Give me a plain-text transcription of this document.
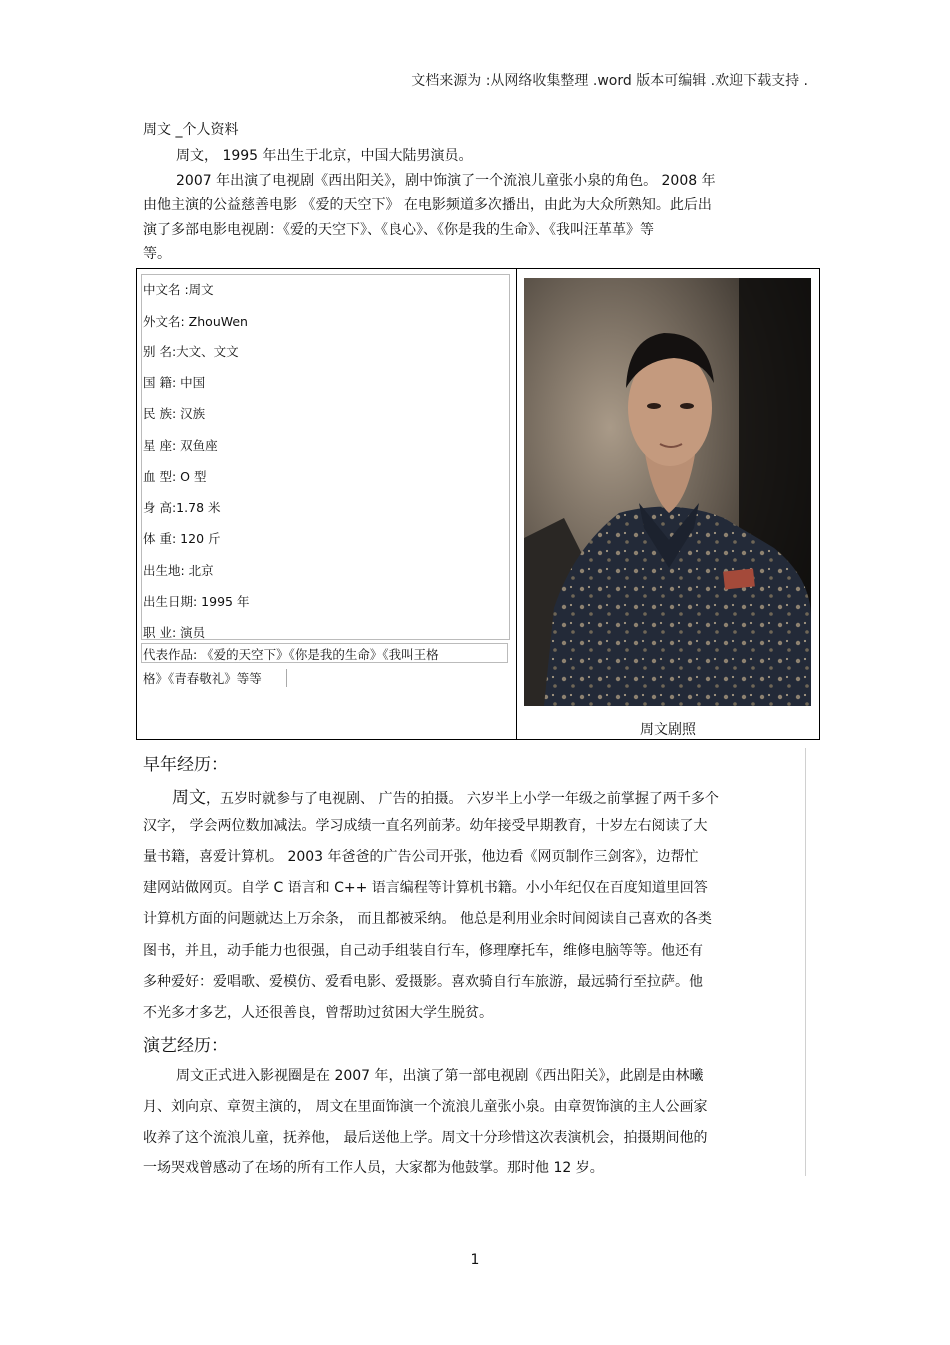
文档来源为 :从网络收集整理 .word 版本可编辑 .欢迎下载支持 .
周文 _个人资料
周文， 1995 年出生于北京，中国大陆男演员。
2007 年出演了电视剧《西出阳关》，剧中饰演了一个流浪儿童张小泉的角色。 2008 年
由他主演的公益慈善电影 《爱的天空下》 在电影频道多次播出，由此为大众所熟知。此后出
演了多部电影电视剧：《爱的天空下》、《良心》、《你是我的生命》、《我叫汪革革》等
等。
中文名 :周文
外文名: ZhouWen
别 名:大文、文文
国 籍: 中国
民 族: 汉族
星 座: 双鱼座
血 型: O 型
身 高:1.78 米
体 重: 120 斤
出生地: 北京
出生日期: 1995 年
职 业: 演员
代表作品: 《爱的天空下》《你是我的生命》《我叫王格
格》《青春敬礼》等等
周文剧照
早年经历：
周文，五岁时就参与了电视剧、 广告的拍摄。 六岁半上小学一年级之前掌握了两千多个
汉字， 学会两位数加减法。学习成绩一直名列前茅。幼年接受早期教育，十岁左右阅读了大
量书籍，喜爱计算机。 2003 年爸爸的广告公司开张，他边看《网页制作三剑客》，边帮忙
建网站做网页。自学 C 语言和 C++ 语言编程等计算机书籍。小小年纪仅在百度知道里回答
计算机方面的问题就达上万余条， 而且都被采纳。 他总是利用业余时间阅读自己喜欢的各类
图书，并且，动手能力也很强，自己动手组装自行车，修理摩托车，维修电脑等等。他还有
多种爱好：爱唱歌、爱模仿、爱看电影、爱摄影。喜欢骑自行车旅游，最远骑行至拉萨。他
不光多才多艺，人还很善良，曾帮助过贫困大学生脱贫。
演艺经历：
周文正式进入影视圈是在 2007 年，出演了第一部电视剧《西出阳关》，此剧是由林曦
月、刘向京、章贺主演的， 周文在里面饰演一个流浪儿童张小泉。由章贺饰演的主人公画家
收养了这个流浪儿童，抚养他， 最后送他上学。周文十分珍惜这次表演机会，拍摄期间他的
一场哭戏曾感动了在场的所有工作人员，大家都为他鼓掌。那时他 12 岁。
1
